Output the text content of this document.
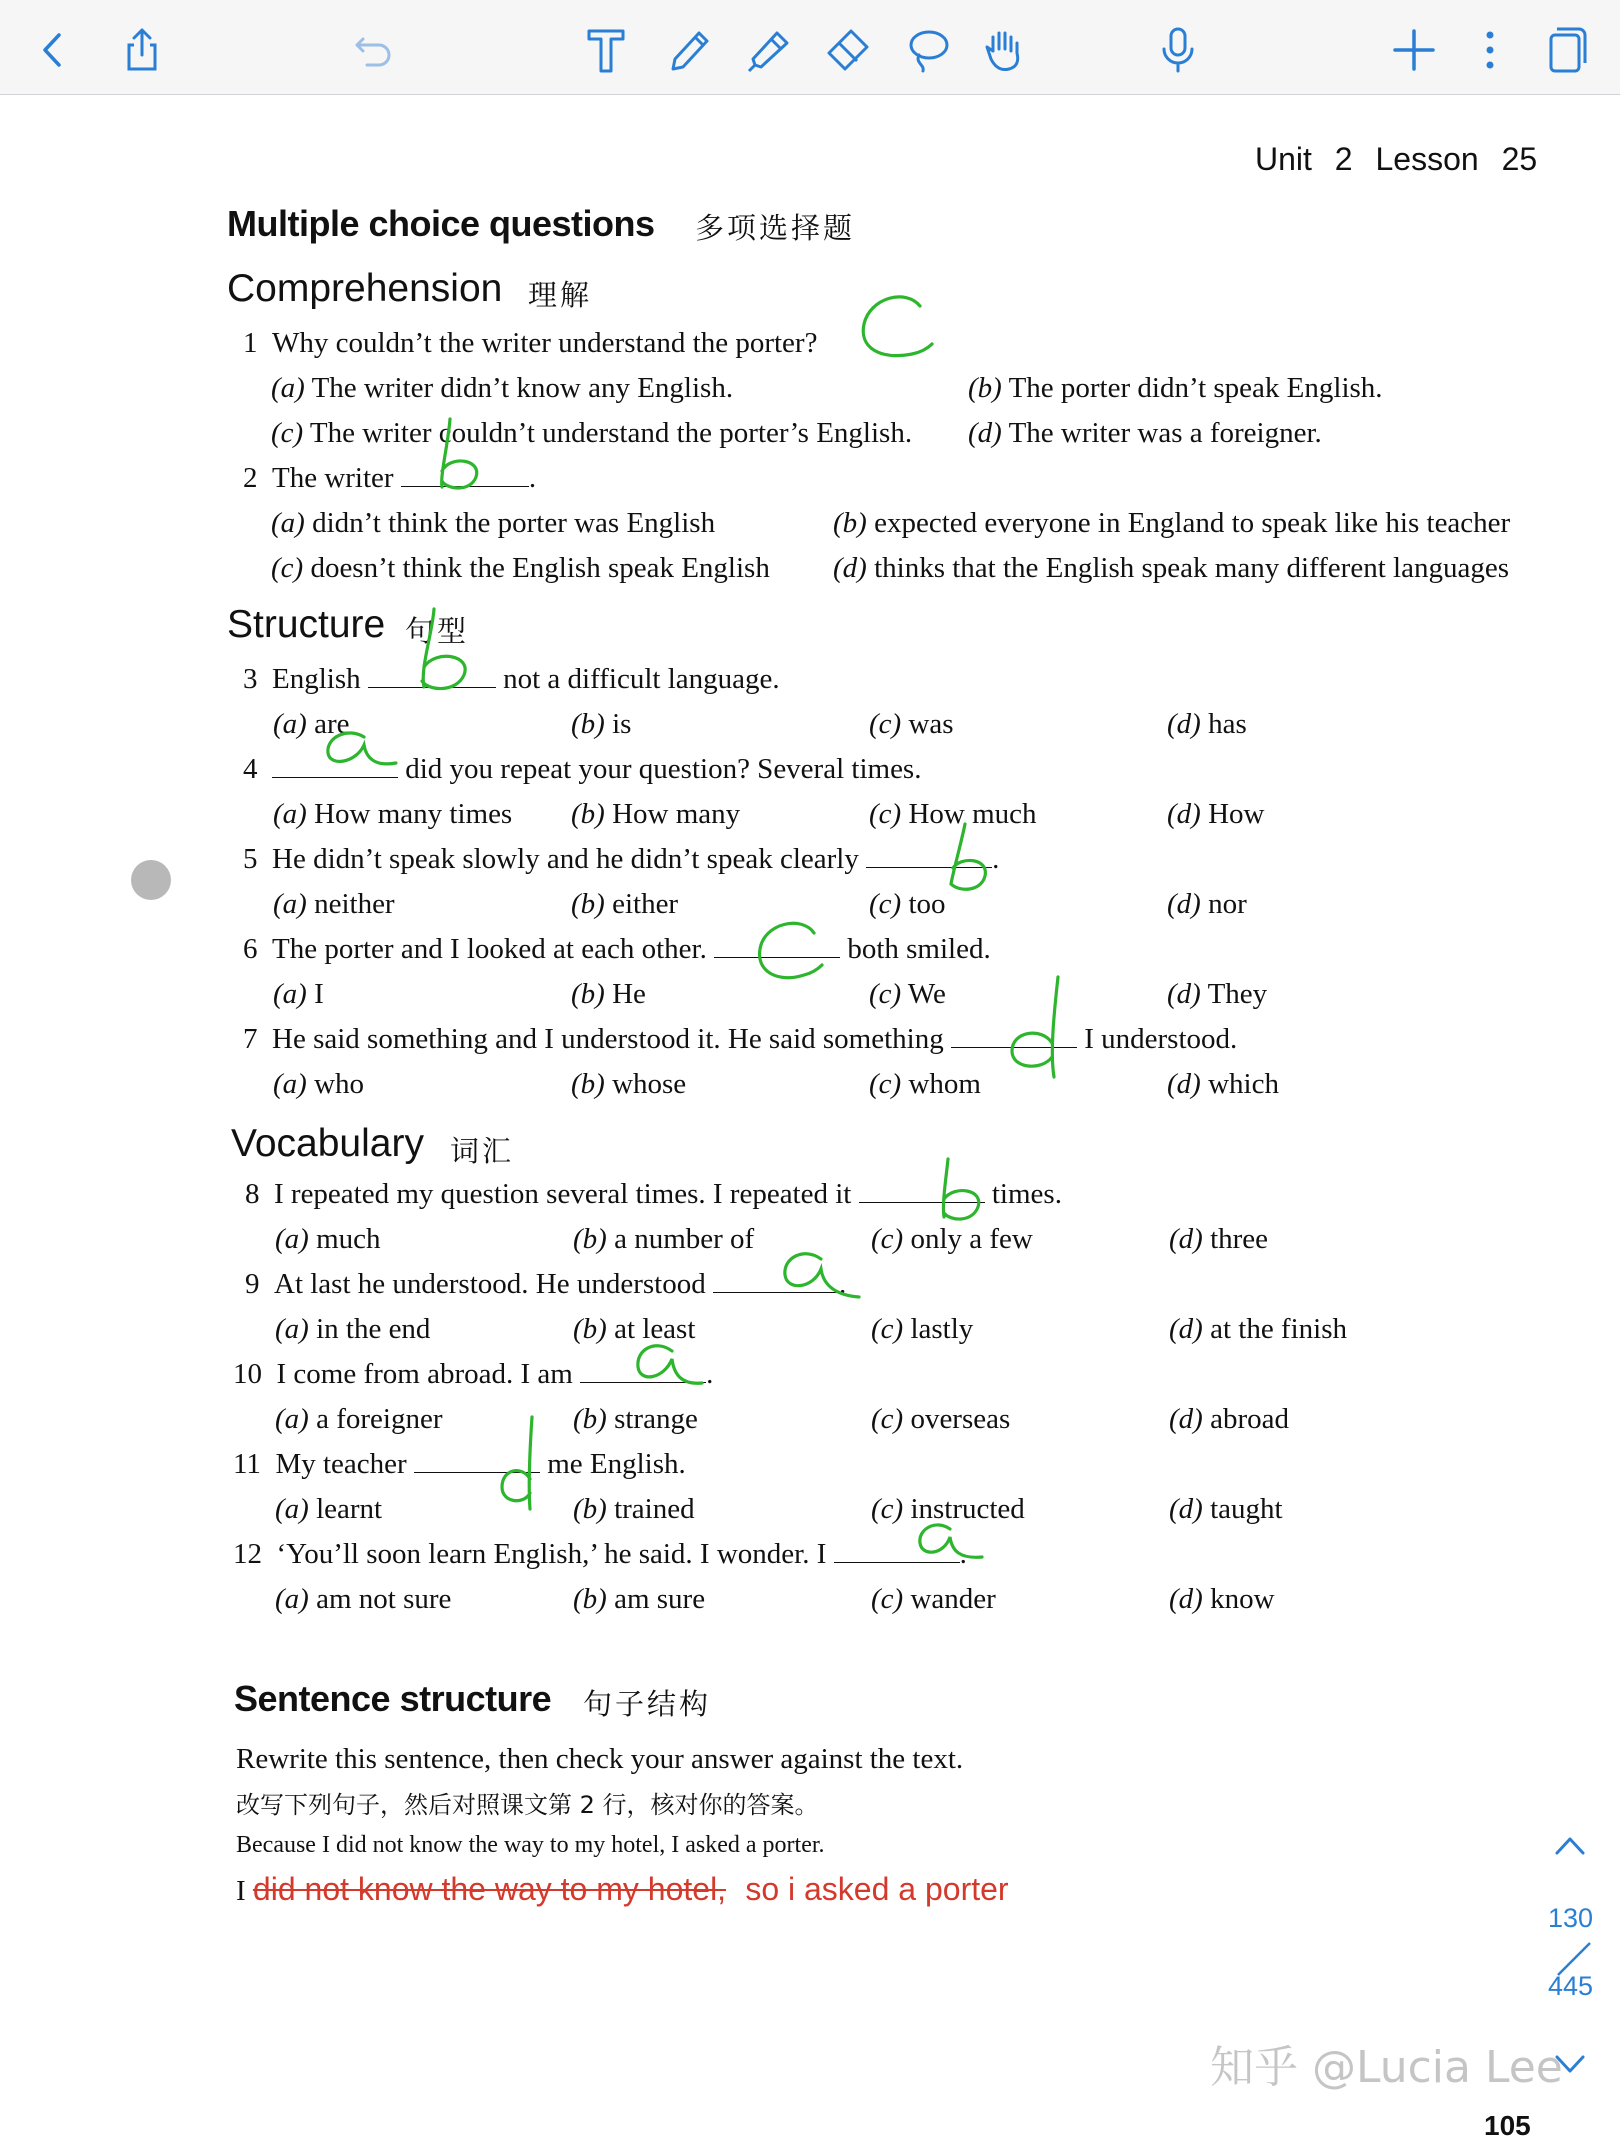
Unit 2 Lesson 25
Multiple choice questions 多项选择题
Comprehension 理解
1 Why couldn’t the writer understand the porter?
(a) The writer didn’t know any English.	(b) The porter didn’t speak English.
(c) The writer couldn’t understand the porter’s English. (d) The writer was a foreigner.
2 The writer	.
(a) didn’t think the porter was English	(b) expected everyone in England to speak like his teacher
(c) doesn’t think the English speak English (d) thinks that the English speak many different languages
Structure 句型
3 English	not a difficult language.
(a) are	(b) is	(c) was	(d) has
4	did you repeat your question? Several times.
(a) How many times (b) How many	(c) How much	(d) How
5 He didn’t speak slowly and he didn’t speak clearly	.
(a) neither	(b) either	(c) too	(d) nor
6 The porter and I looked at each other.	both smiled.
(a) I	(b) He	(c) We	(d) They
7 He said something and I understood it. He said something	I understood.
(a) who	(b) whose	(c) whom	(d) which
Vocabulary 词汇
8 I repeated my question several times. I repeated it	times.
(a) much	(b) a number of	(c) only a few	(d) three
9 At last he understood. He understood	.
(a) in the end	(b) at least	(c) lastly	(d) at the finish
10 I come from abroad. I am	.
(a) a foreigner	(b) strange	(c) overseas	(d) abroad
11 My teacher	me English.
(a) learnt	(b) trained	(c) instructed	(d) taught
12 ‘You’ll soon learn English,’ he said. I wonder. I	.
(a) am not sure	(b) am sure	(c) wander	(d) know
Sentence structure 句子结构
Rewrite this sentence, then check your answer against the text.
改写下列句子，然后对照课文第 2 行，核对你的答案。
Because I did not know the way to my hotel, I asked a porter.
I did not know the way to my hotel, so i asked a porter
130
445
知乎 @Lucia Lee
105
